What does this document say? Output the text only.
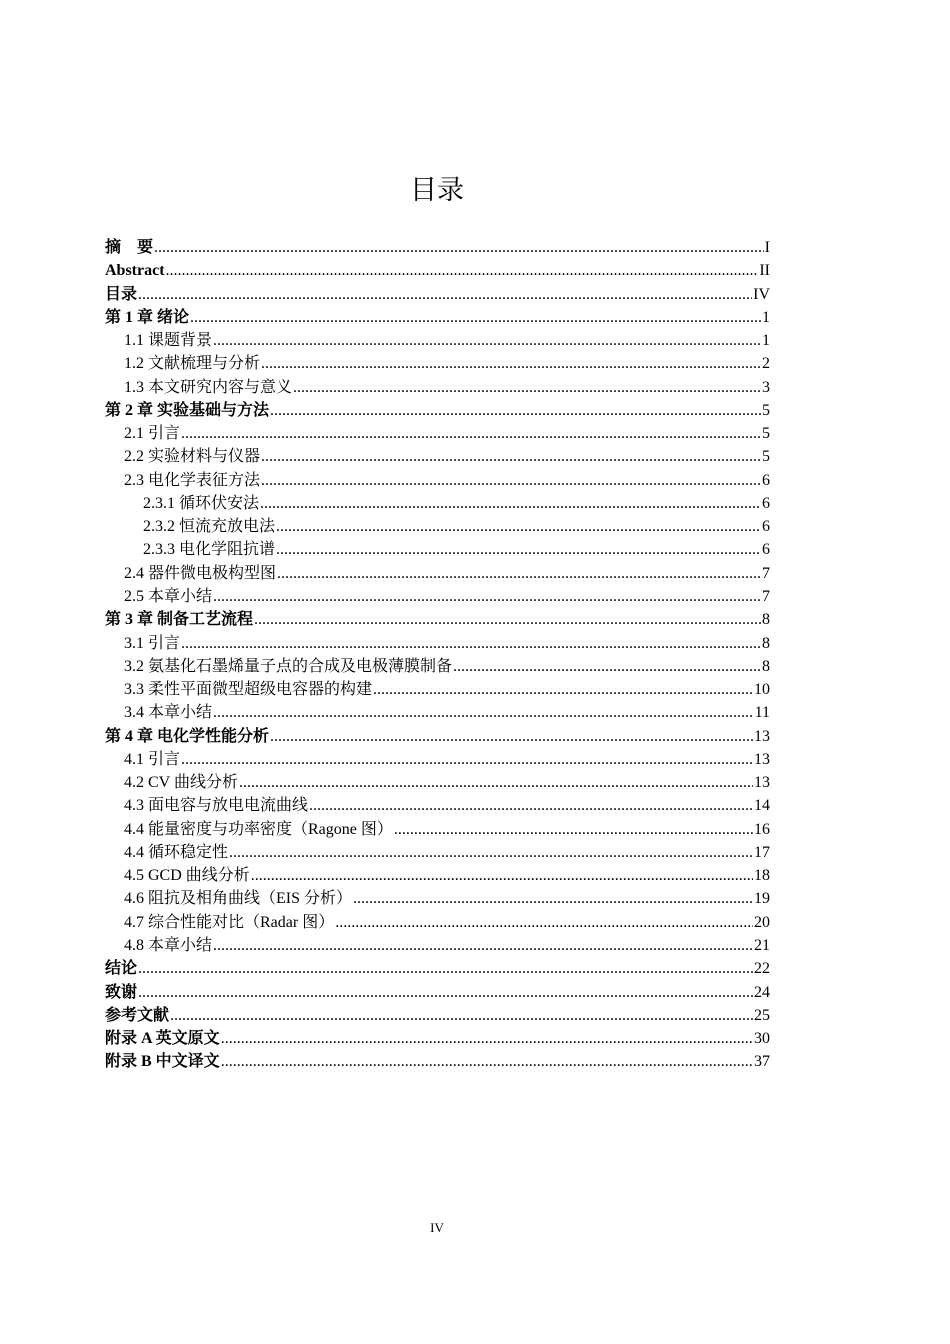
目录
摘　要 .....	I
Abstract .....	II
目录 .....	IV
第 1 章 绪论 .....	1
1.1 课题背景 .....	1
1.2 文献梳理与分析 .....	2
1.3 本文研究内容与意义 .....	3
第 2 章 实验基础与方法 .....	5
2.1 引言 .....	5
2.2 实验材料与仪器 .....	5
2.3 电化学表征方法 .....	6
2.3.1 循环伏安法 .....	6
2.3.2 恒流充放电法 .....	6
2.3.3 电化学阻抗谱 .....	6
2.4 器件微电极构型图 .....	7
2.5 本章小结 .....	7
第 3 章 制备工艺流程 .....	8
3.1 引言 .....	8
3.2 氨基化石墨烯量子点的合成及电极薄膜制备 .....	8
3.3 柔性平面微型超级电容器的构建 .....	10
3.4 本章小结 .....	11
第 4 章 电化学性能分析 .....	13
4.1 引言 .....	13
4.2 CV 曲线分析 .....	13
4.3 面电容与放电电流曲线 .....	14
4.4 能量密度与功率密度（Ragone 图） .....	16
4.4 循环稳定性 .....	17
4.5 GCD 曲线分析 .....	18
4.6 阻抗及相角曲线（EIS 分析） .....	19
4.7 综合性能对比（Radar 图） .....	20
4.8 本章小结 .....	21
结论 .....	22
致谢 .....	24
参考文献 .....	25
附录 A 英文原文 .....	30
附录 B 中文译文 .....	37
IV
